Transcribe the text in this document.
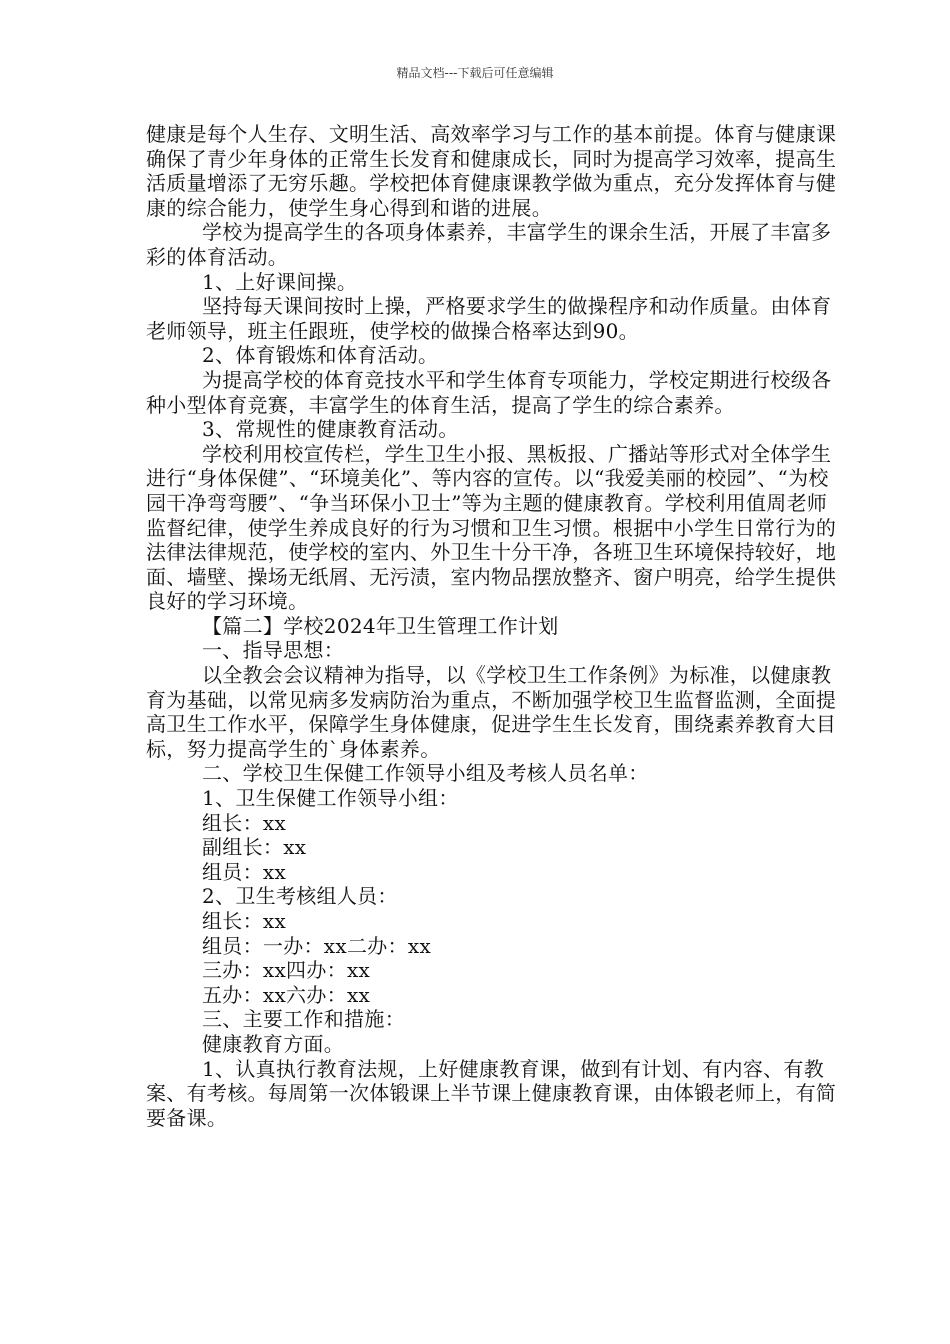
精品文档---下载后可任意编辑

健康是每个人生存、文明生活、高效率学习与工作的基本前提。体育与健康课确保了青少年身体的正常生长发育和健康成长，同时为提高学习效率，提高生活质量增添了无穷乐趣。学校把体育健康课教学做为重点，充分发挥体育与健康的综合能力，使学生身心得到和谐的进展。

学校为提高学生的各项身体素养，丰富学生的课余生活，开展了丰富多彩的体育活动。

1、上好课间操。

坚持每天课间按时上操，严格要求学生的做操程序和动作质量。由体育老师领导，班主任跟班，使学校的做操合格率达到90。

2、体育锻炼和体育活动。

为提高学校的体育竞技水平和学生体育专项能力，学校定期进行校级各种小型体育竞赛，丰富学生的体育生活，提高了学生的综合素养。

3、常规性的健康教育活动。

学校利用校宣传栏，学生卫生小报、黑板报、广播站等形式对全体学生进行“身体保健”、“环境美化”、等内容的宣传。以“我爱美丽的校园”、“为校园干净弯弯腰”、“争当环保小卫士”等为主题的健康教育。学校利用值周老师监督纪律，使学生养成良好的行为习惯和卫生习惯。根据中小学生日常行为的法律法律规范，使学校的室内、外卫生十分干净，各班卫生环境保持较好，地面、墙壁、操场无纸屑、无污渍，室内物品摆放整齐、窗户明亮，给学生提供良好的学习环境。

【篇二】学校2024年卫生管理工作计划

一、指导思想：

以全教会会议精神为指导，以《学校卫生工作条例》为标准，以健康教育为基础，以常见病多发病防治为重点，不断加强学校卫生监督监测，全面提高卫生工作水平，保障学生身体健康，促进学生生长发育，围绕素养教育大目标，努力提高学生的`身体素养。

二、学校卫生保健工作领导小组及考核人员名单：

1、卫生保健工作领导小组：

组长：xx

副组长：xx

组员：xx

2、卫生考核组人员：

组长：xx

组员：一办：xx二办：xx

三办：xx四办：xx

五办：xx六办：xx

三、主要工作和措施：

健康教育方面。

1、认真执行教育法规，上好健康教育课，做到有计划、有内容、有教案、有考核。每周第一次体锻课上半节课上健康教育课，由体锻老师上，有简要备课。
